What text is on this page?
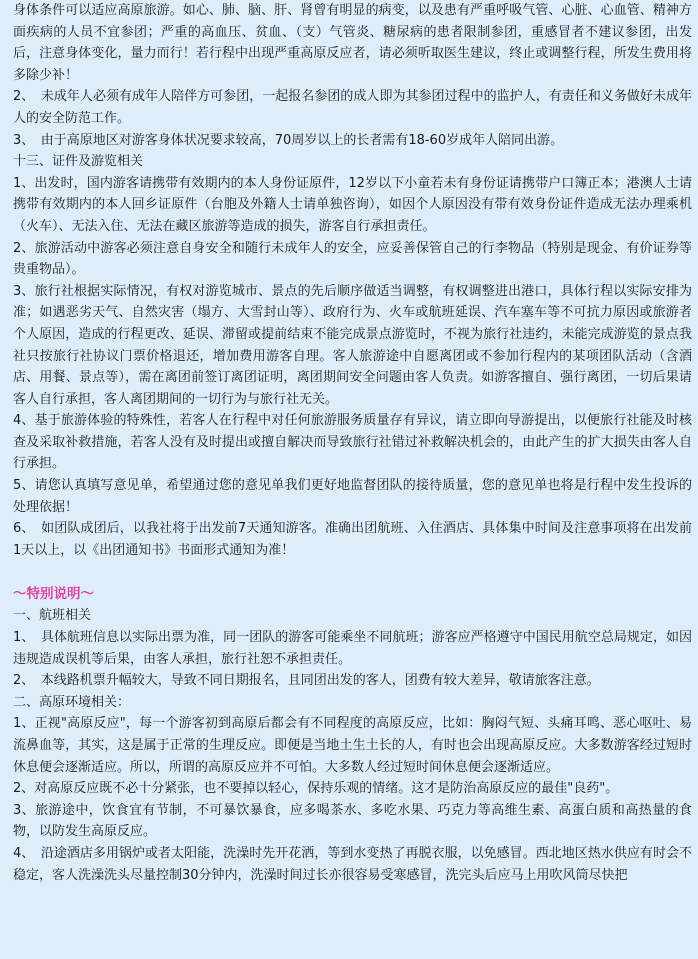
身体条件可以适应高原旅游。如心、肺、脑、肝、肾曾有明显的病变，以及患有严重呼吸气管、心脏、心血管、精神方面疾病的人员不宜参团；严重的高血压、贫血、（支）气管炎、糖尿病的患者限制参团，重感冒者不建议参团，出发后，注意身体变化，量力而行！若行程中出现严重高原反应者，请必须听取医生建议，终止或调整行程，所发生费用将多除少补！

2、　未成年人必须有成年人陪伴方可参团，一起报名参团的成人即为其参团过程中的监护人，有责任和义务做好未成年人的安全防范工作。

3、　由于高原地区对游客身体状况要求较高，70周岁以上的长者需有18-60岁成年人陪同出游。

十三、证件及游览相关

1、出发时，国内游客请携带有效期内的本人身份证原件，12岁以下小童若未有身份证请携带户口簿正本；港澳人士请携带有效期内的本人回乡证原件（台胞及外籍人士请单独咨询），如因个人原因没有带有效身份证件造成无法办理乘机（火车）、无法入住、无法在藏区旅游等造成的损失，游客自行承担责任。

2、旅游活动中游客必须注意自身安全和随行未成年人的安全，应妥善保管自己的行李物品（特别是现金、有价证券等贵重物品）。

3、旅行社根据实际情况，有权对游览城市、景点的先后顺序做适当调整，有权调整进出港口，具体行程以实际安排为准；如遇恶劣天气、自然灾害（塌方、大雪封山等）、政府行为、火车或航班延误、汽车塞车等不可抗力原因或旅游者个人原因，造成的行程更改、延误、滞留或提前结束不能完成景点游览时，不视为旅行社违约，未能完成游览的景点我社只按旅行社协议门票价格退还，增加费用游客自理。客人旅游途中自愿离团或不参加行程内的某项团队活动（含酒店、用餐、景点等），需在离团前签订离团证明，离团期间安全问题由客人负责。如游客擅自、强行离团，一切后果请客人自行承担，客人离团期间的一切行为与旅行社无关。

4、基于旅游体验的特殊性，若客人在行程中对任何旅游服务质量存有异议，请立即向导游提出，以便旅行社能及时核查及采取补救措施，若客人没有及时提出或擅自解决而导致旅行社错过补救解决机会的，由此产生的扩大损失由客人自行承担。

5、请您认真填写意见单，希望通过您的意见单我们更好地监督团队的接待质量，您的意见单也将是行程中发生投诉的处理依据！

6、　如团队成团后，以我社将于出发前7天通知游客。准确出团航班、入住酒店、具体集中时间及注意事项将在出发前1天以上，以《出团通知书》书面形式通知为准！

～特别说明～

一、航班相关

1、　具体航班信息以实际出票为准，同一团队的游客可能乘坐不同航班；游客应严格遵守中国民用航空总局规定，如因违规造成误机等后果，由客人承担，旅行社恕不承担责任。

2、　本线路机票升幅较大，导致不同日期报名，且同团出发的客人，团费有较大差异，敬请旅客注意。

二、高原环境相关：

1、正视"高原反应"，每一个游客初到高原后都会有不同程度的高原反应，比如：胸闷气短、头痛耳鸣、恶心呕吐、易流鼻血等，其实，这是属于正常的生理反应。即便是当地土生土长的人，有时也会出现高原反应。大多数游客经过短时休息便会逐渐适应。所以，所谓的高原反应并不可怕。大多数人经过短时间休息便会逐渐适应。

2、对高原反应既不必十分紧张，也不要掉以轻心，保持乐观的情绪。这才是防治高原反应的最佳"良药"。

3、旅游途中，饮食宜有节制，不可暴饮暴食，应多喝茶水、多吃水果、巧克力等高维生素、高蛋白质和高热量的食物，以防发生高原反应。

4、　沿途酒店多用锅炉或者太阳能，洗澡时先开花洒，等到水变热了再脱衣服，以免感冒。西北地区热水供应有时会不稳定，客人洗澡洗头尽量控制30分钟内，洗澡时间过长亦很容易受寒感冒，洗完头后应马上用吹风筒尽快把
